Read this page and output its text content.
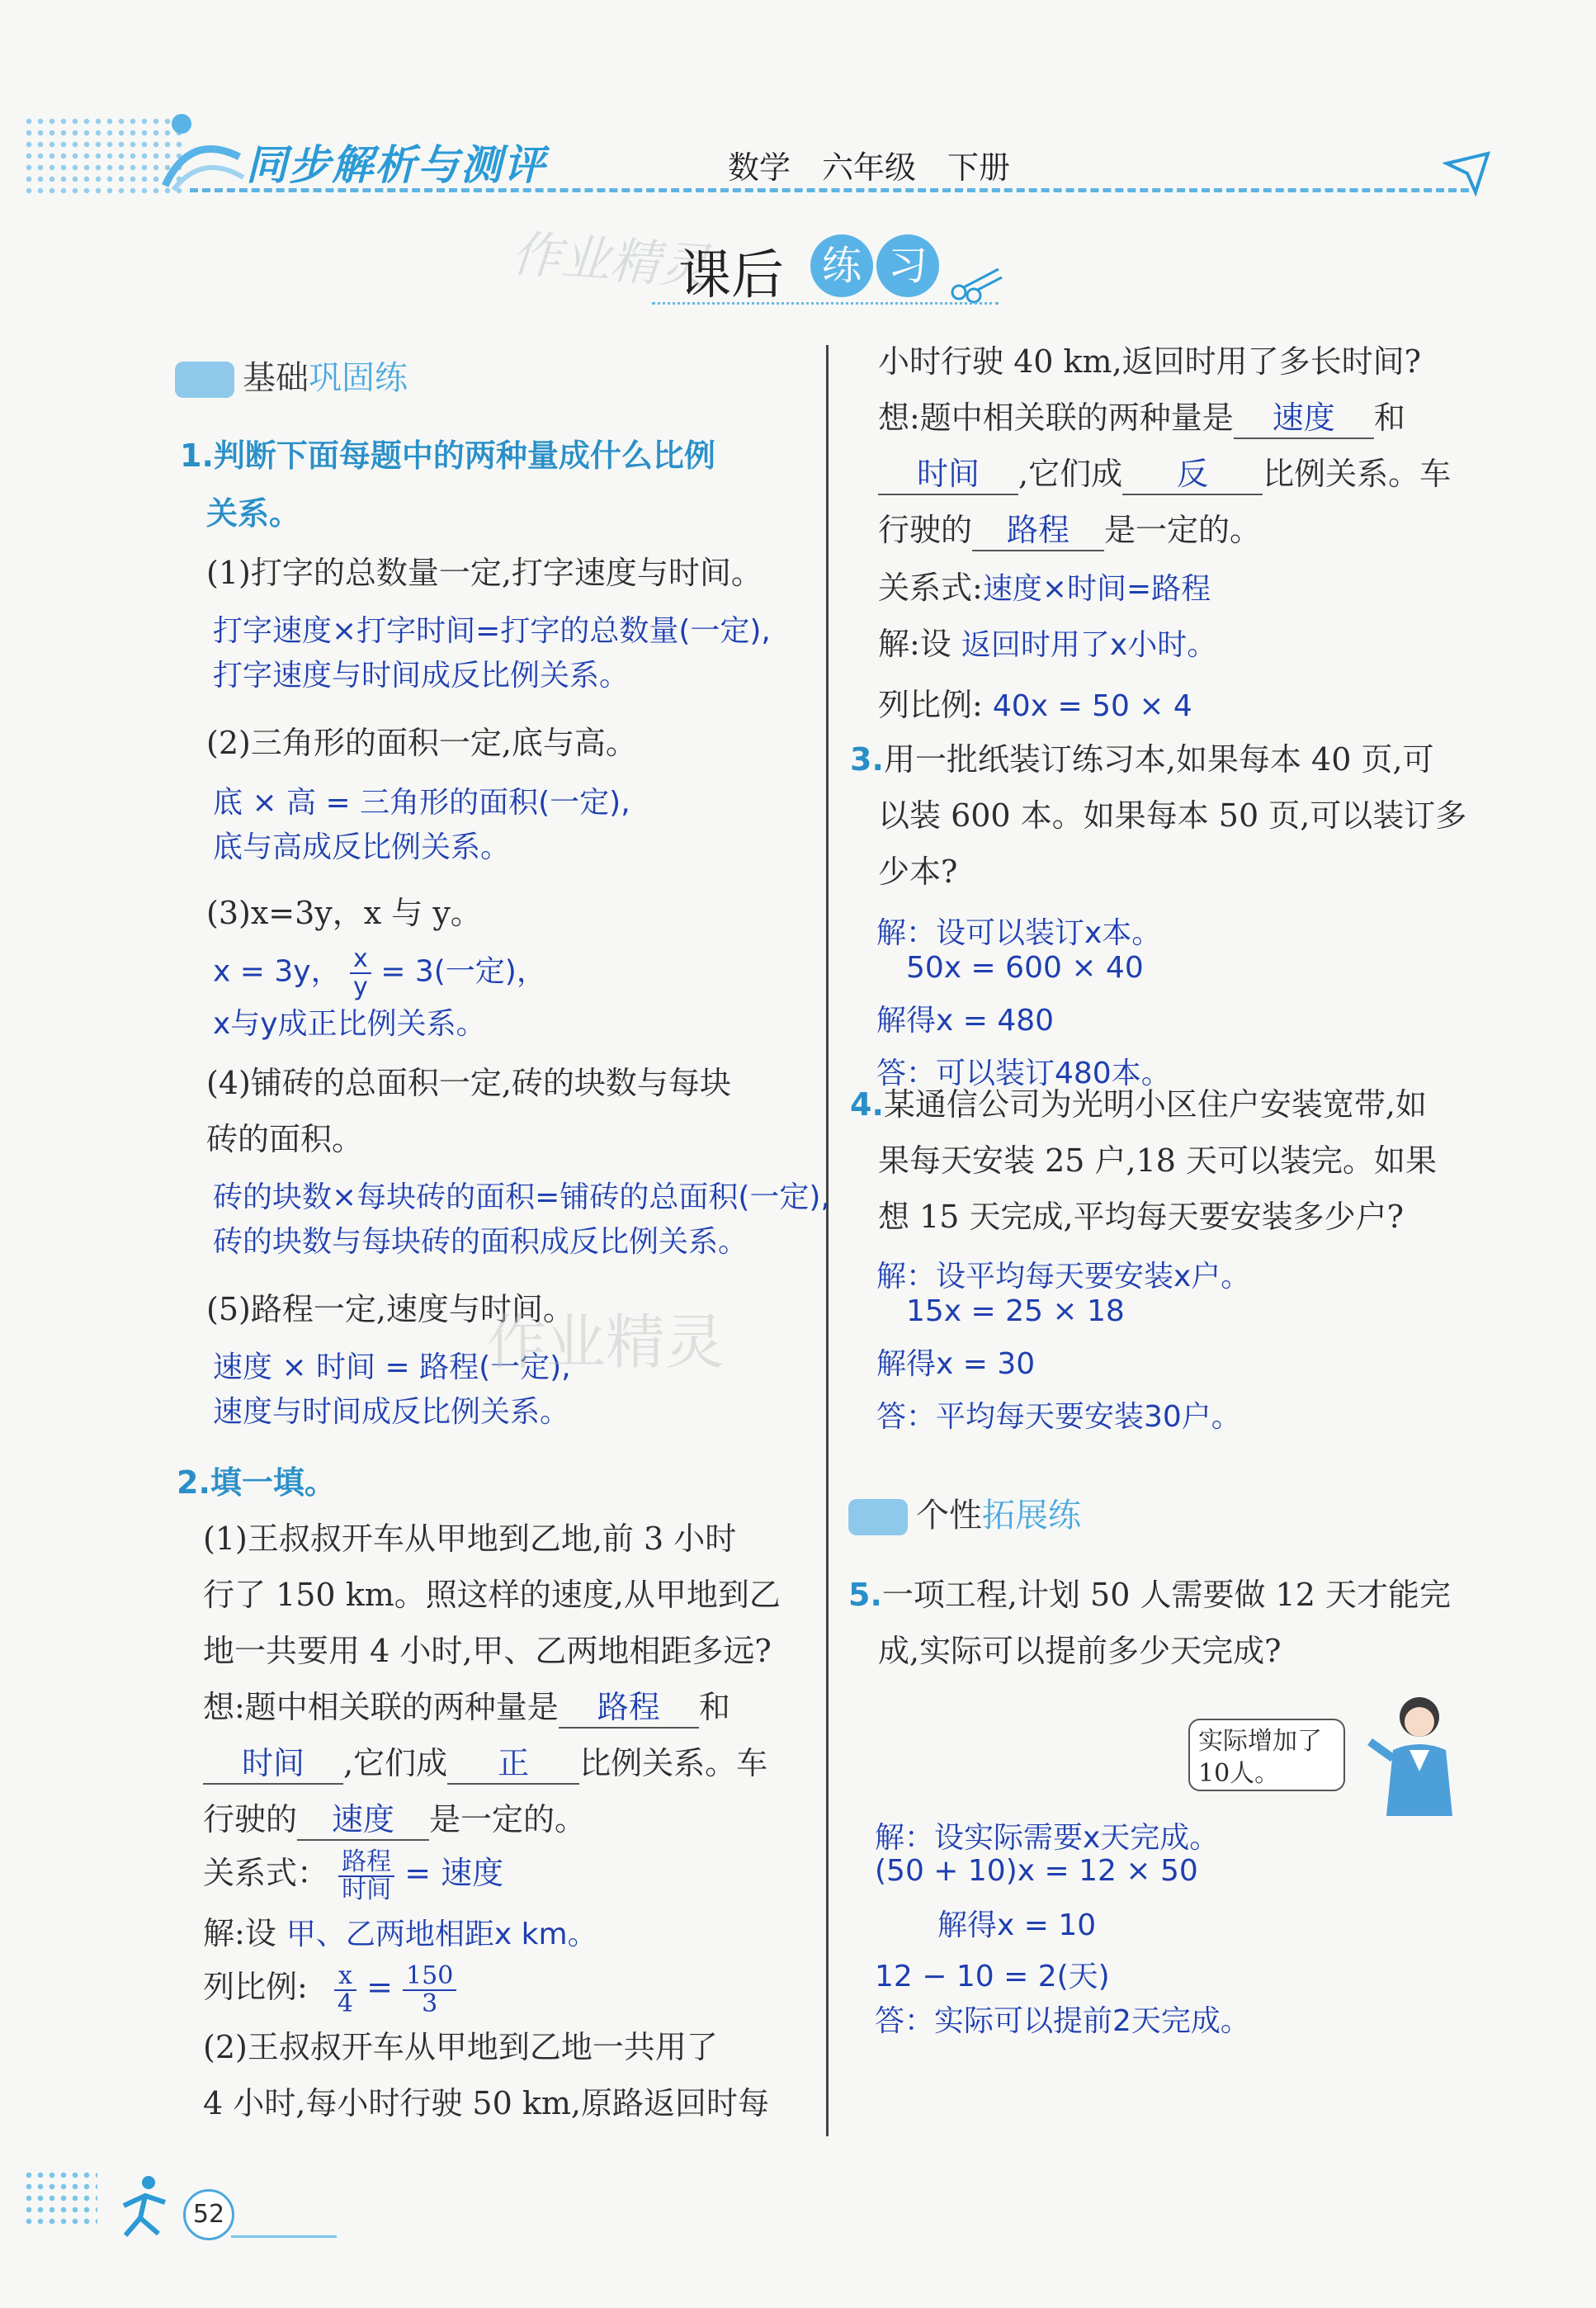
同步解析与测评	数学　六年级　下册
作业精灵
课后 练 习
基础巩固练
1.判断下面每题中的两种量成什么比例
关系。
(1)打字的总数量一定,打字速度与时间。
打字速度×打字时间=打字的总数量(一定),
打字速度与时间成反比例关系。
(2)三角形的面积一定,底与高。
底 × 高 = 三角形的面积(一定),
底与高成反比例关系。
(3)x=3y，x 与 y。
x = 3y， $\frac{x}{y} = 3$(一定)，
x与y成正比例关系。
(4)铺砖的总面积一定,砖的块数与每块
砖的面积。
砖的块数×每块砖的面积=铺砖的总面积(一定),
砖的块数与每块砖的面积成反比例关系。
(5)路程一定,速度与时间。
速度 × 时间 = 路程(一定),
速度与时间成反比例关系。
作业精灵
2.填一填。
(1)王叔叔开车从甲地到乙地,前 3 小时
行了 150 km。照这样的速度,从甲地到乙
地一共要用 4 小时,甲、乙两地相距多远?
想:题中相关联的两种量是 路程 和
时间 ,它们成 正 比例关系。车
行驶的 速度 是一定的。
关系式： $\frac{\text{路程}}{\text{时间}}$ = 速度
解:设 甲、乙两地相距x km。
列比例: $\frac{x}{4} = \frac{150}{3}$
(2)王叔叔开车从甲地到乙地一共用了
4 小时,每小时行驶 50 km,原路返回时每
小时行驶 40 km,返回时用了多长时间?
想:题中相关联的两种量是 速度 和
时间 ,它们成 反 比例关系。车
行驶的 路程 是一定的。
关系式:速度×时间=路程
解:设 返回时用了x小时。
列比例: 40x = 50 × 4
3.用一批纸装订练习本,如果每本 40 页,可
以装 600 本。如果每本 50 页,可以装订多
少本?
解：设可以装订x本。
50x = 600 × 40
解得x = 480
答：可以装订480本。
4.某通信公司为光明小区住户安装宽带,如
果每天安装 25 户,18 天可以装完。如果
想 15 天完成,平均每天要安装多少户?
解：设平均每天要安装x户。
15x = 25 × 18
解得x = 30
答：平均每天要安装30户。
个性拓展练
5.一项工程,计划 50 人需要做 12 天才能完
成,实际可以提前多少天完成?
实际增加了
10人。
解：设实际需要x天完成。
(50 + 10)x = 12 × 50
解得x = 10
12 − 10 = 2(天)
答：实际可以提前2天完成。
52
